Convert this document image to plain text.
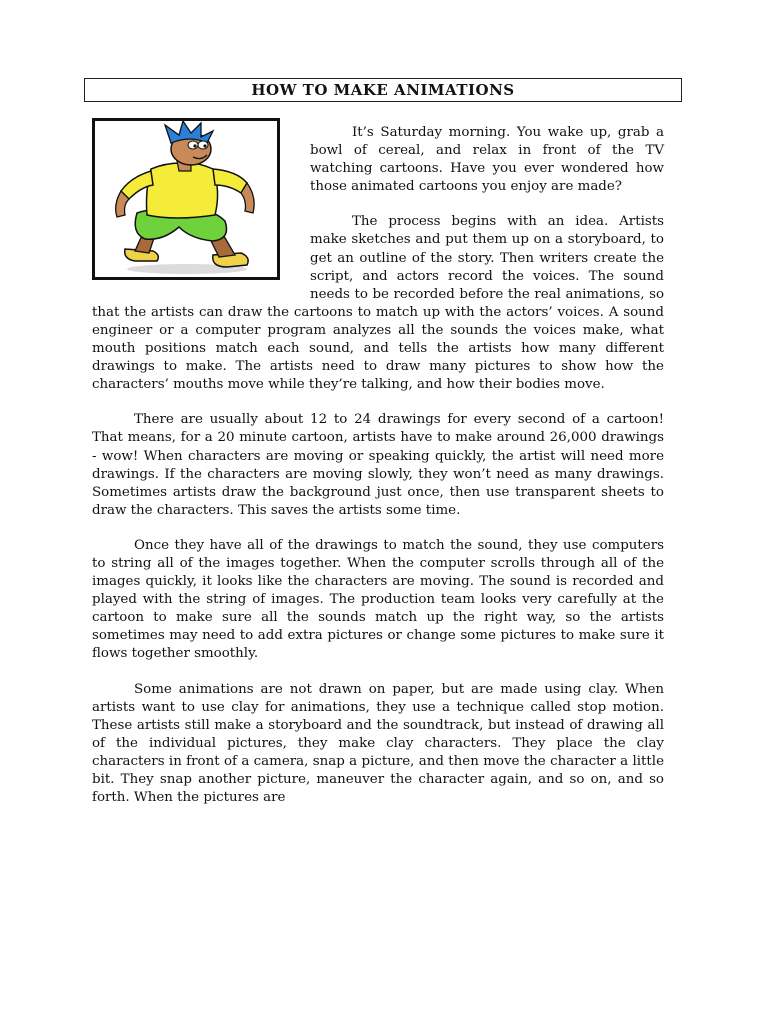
HOW TO MAKE ANIMATIONS

It’s Saturday morning. You wake up, grab a bowl of cereal, and relax in front of the TV watching cartoons. Have you ever wondered how those animated cartoons you enjoy are made?

The process begins with an idea. Artists make sketches and put them up on a storyboard, to get an outline of the story. Then writers create the script, and actors record the voices. The sound needs to be recorded before the real animations, so that the artists can draw the cartoons to match up with the actors’ voices. A sound engineer or a computer program analyzes all the sounds the voices make, what mouth positions match each sound, and tells the artists how many different drawings to make. The artists need to draw many pictures to show how the characters’ mouths move while they’re talking, and how their bodies move.

There are usually about 12 to 24 drawings for every second of a cartoon! That means, for a 20 minute cartoon, artists have to make around 26,000 drawings - wow! When characters are moving or speaking quickly, the artist will need more drawings. If the characters are moving slowly, they won’t need as many drawings. Sometimes artists draw the background just once, then use transparent sheets to draw the characters. This saves the artists some time.

Once they have all of the drawings to match the sound, they use computers to string all of the images together. When the computer scrolls through all of the images quickly, it looks like the characters are moving. The sound is recorded and played with the string of images. The production team looks very carefully at the cartoon to make sure all the sounds match up the right way, so the artists sometimes may need to add extra pictures or change some pictures to make sure it flows together smoothly.

Some animations are not drawn on paper, but are made using clay. When artists want to use clay for animations, they use a technique called stop motion. These artists still make a storyboard and the soundtrack, but instead of drawing all of the individual pictures, they make clay characters. They place the clay characters in front of a camera, snap a picture, and then move the character a little bit. They snap another picture, maneuver the character again, and so on, and so forth. When the pictures are
